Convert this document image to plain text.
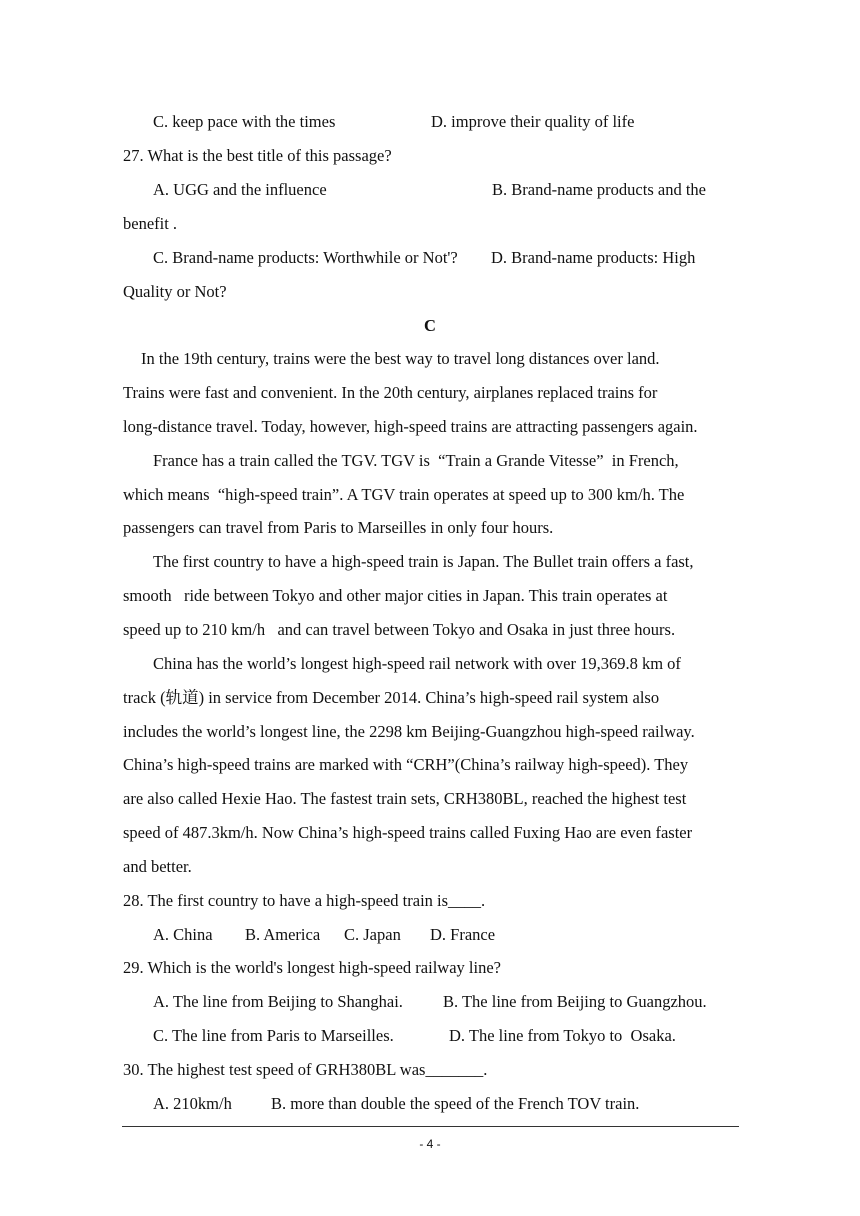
C. keep pace with the times

	D. improve their quality of life

27. What is the best title of this passage?

A. UGG and the influence

	B. Brand-name products and the

benefit .

C. Brand-name products: Worthwhile or Not'?

D. Brand-name products: High

Quality or Not?

C

In the 19th century, trains were the best way to travel long distances over land.

Trains were fast and convenient. In the 20th century, airplanes replaced trains for

long-distance travel. Today, however, high-speed trains are attracting passengers again.

France has a train called the TGV. TGV is  “Train a Grande Vitesse”  in French,

which means  “high-speed train”. A TGV train operates at speed up to 300 km/h. The

passengers can travel from Paris to Marseilles in only four hours.

The first country to have a high-speed train is Japan. The Bullet train offers a fast,

smooth   ride between Tokyo and other major cities in Japan. This train operates at

speed up to 210 km/h   and can travel between Tokyo and Osaka in just three hours.

China has the world’s longest high-speed rail network with over 19,369.8 km of

track (轨道) in service from December 2014. China’s high-speed rail system also

includes the world’s longest line, the 2298 km Beijing-Guangzhou high-speed railway.

China’s high-speed trains are marked with “CRH”(China’s railway high-speed). They

are also called Hexie Hao. The fastest train sets, CRH380BL, reached the highest test

speed of 487.3km/h. Now China’s high-speed trains called Fuxing Hao are even faster

and better.

28. The first country to have a high-speed train is____.

A. China

B. America

C. Japan

D. France

29. Which is the world's longest high-speed railway line?

A. The line from Beijing to Shanghai.

B. The line from Beijing to Guangzhou.

C. The line from Paris to Marseilles.

	D. The line from Tokyo to  Osaka.

30. The highest test speed of GRH380BL was_______.

A. 210km/h

B. more than double the speed of the French TOV train.

- 4 -
